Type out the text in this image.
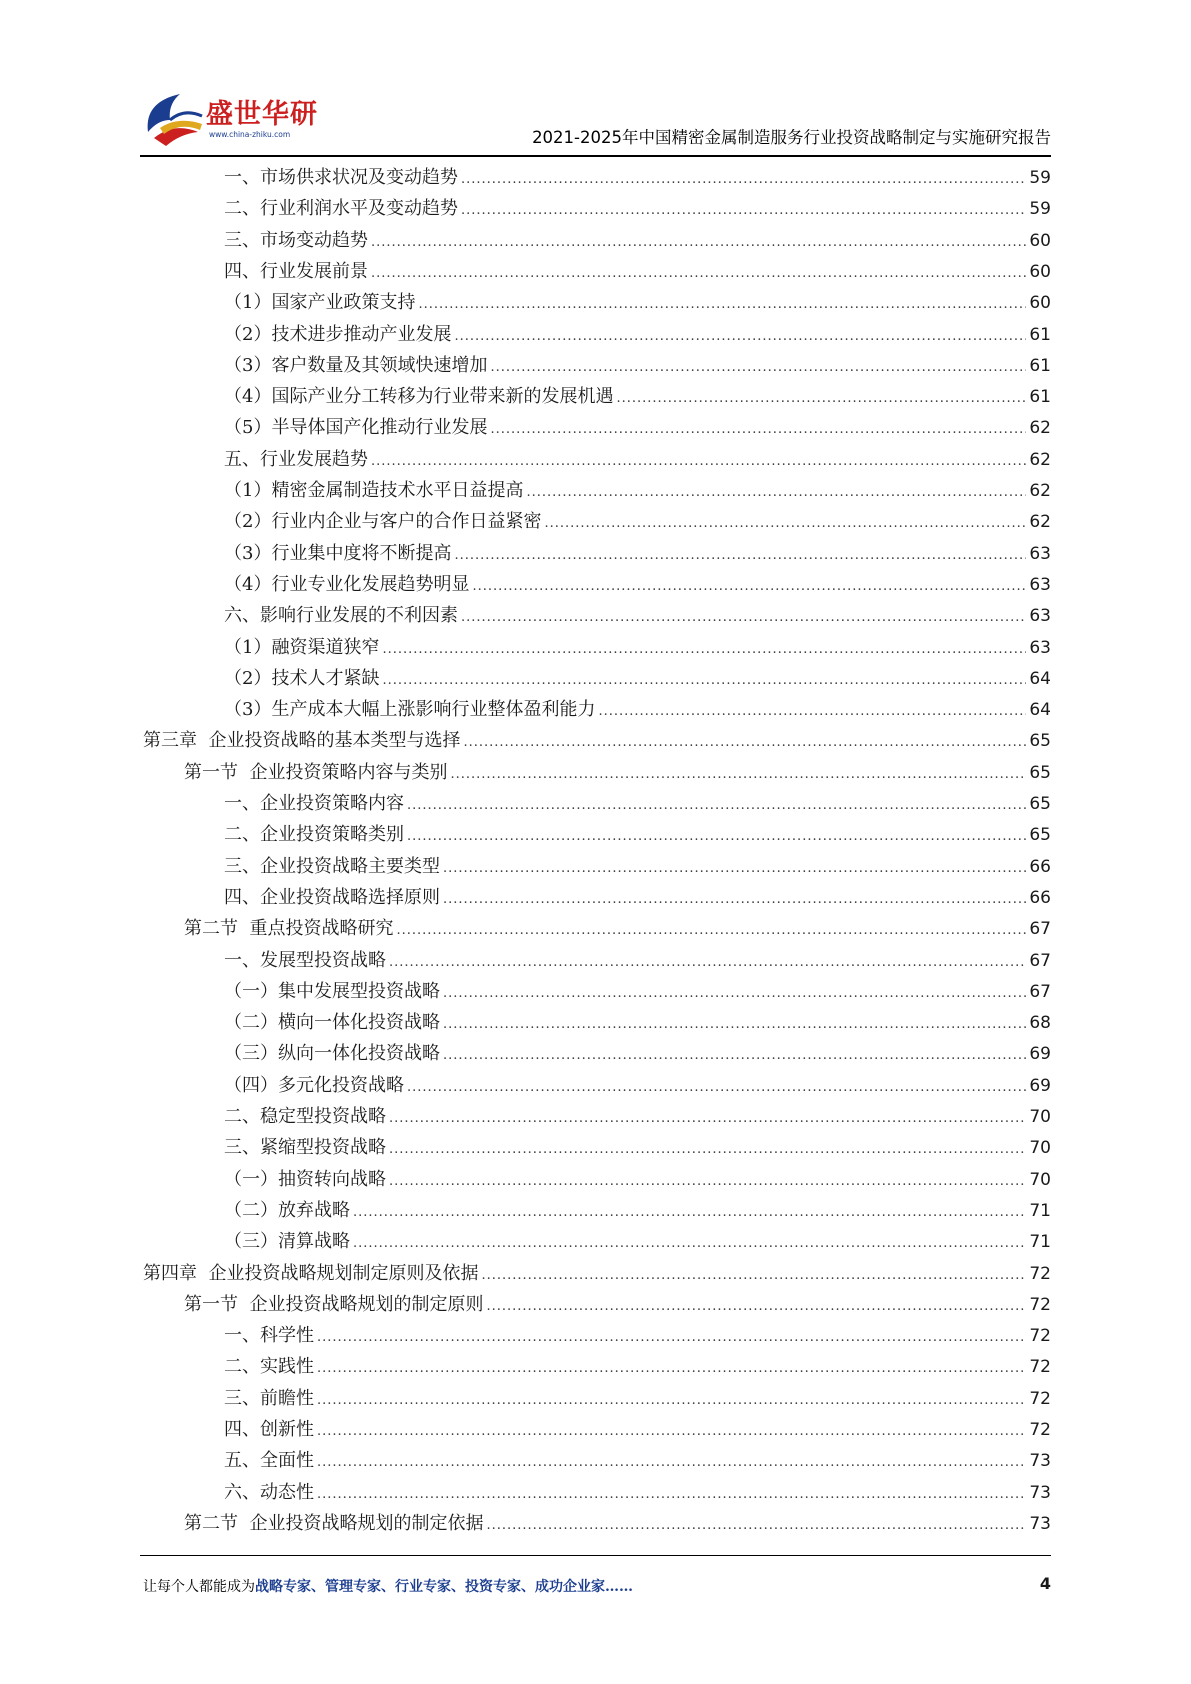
盛世华研
www.china-zhiku.com	2021-2025年中国精密金属制造服务行业投资战略制定与实施研究报告
一、市场供求状况及变动趋势 .....	59
二、行业利润水平及变动趋势 .....	59
三、市场变动趋势 .....	60
四、行业发展前景 .....	60
（1）国家产业政策支持 .....	60
（2）技术进步推动产业发展 .....	61
（3）客户数量及其领域快速增加 .....	61
（4）国际产业分工转移为行业带来新的发展机遇 .....	61
（5）半导体国产化推动行业发展 .....	62
五、行业发展趋势 .....	62
（1）精密金属制造技术水平日益提高 .....	62
（2）行业内企业与客户的合作日益紧密 .....	62
（3）行业集中度将不断提高 .....	63
（4）行业专业化发展趋势明显 .....	63
六、影响行业发展的不利因素 .....	63
（1）融资渠道狭窄 .....	63
（2）技术人才紧缺 .....	64
（3）生产成本大幅上涨影响行业整体盈利能力 .....	64
第三章  企业投资战略的基本类型与选择 .....	65
第一节  企业投资策略内容与类别 .....	65
一、企业投资策略内容 .....	65
二、企业投资策略类别 .....	65
三、企业投资战略主要类型 .....	66
四、企业投资战略选择原则 .....	66
第二节  重点投资战略研究 .....	67
一、发展型投资战略 .....	67
（一）集中发展型投资战略 .....	67
（二）横向一体化投资战略 .....	68
（三）纵向一体化投资战略 .....	69
（四）多元化投资战略 .....	69
二、稳定型投资战略 .....	70
三、紧缩型投资战略 .....	70
（一）抽资转向战略 .....	70
（二）放弃战略 .....	71
（三）清算战略 .....	71
第四章  企业投资战略规划制定原则及依据 .....	72
第一节  企业投资战略规划的制定原则 .....	72
一、科学性 .....	72
二、实践性 .....	72
三、前瞻性 .....	72
四、创新性 .....	72
五、全面性 .....	73
六、动态性 .....	73
第二节  企业投资战略规划的制定依据 .....	73
让每个人都能成为战略专家、管理专家、行业专家、投资专家、成功企业家……	4
